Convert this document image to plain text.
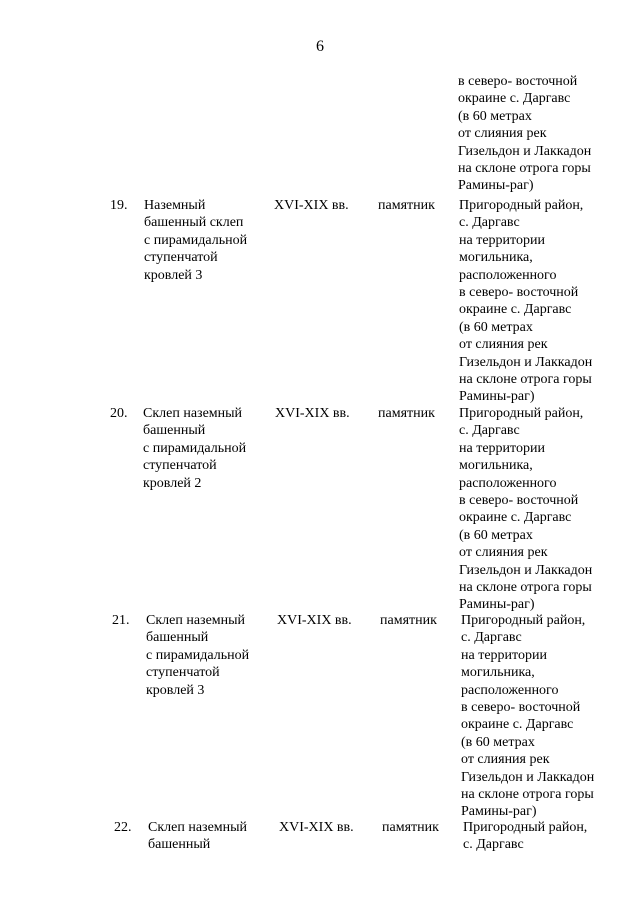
6
в северо- восточной
окраине с. Даргавс
(в 60 метрах
от слияния рек
Гизельдон и Лаккадон
на склоне отрога горы
Рамины-раг)
19.	Наземный
башенный склеп
с пирамидальной
ступенчатой
кровлей 3
XVI-XIX вв.	памятник	Пригородный район,
с. Даргавс
на территории
могильника,
расположенного
в северо- восточной
окраине с. Даргавс
(в 60 метрах
от слияния рек
Гизельдон и Лаккадон
на склоне отрога горы
Рамины-раг)
20.	Склеп наземный
башенный
с пирамидальной
ступенчатой
кровлей 2
XVI-XIX вв.	памятник	Пригородный район,
с. Даргавс
на территории
могильника,
расположенного
в северо- восточной
окраине с. Даргавс
(в 60 метрах
от слияния рек
Гизельдон и Лаккадон
на склоне отрога горы
Рамины-раг)
21.	Склеп наземный
башенный
с пирамидальной
ступенчатой
кровлей 3
XVI-XIX вв.	памятник	Пригородный район,
с. Даргавс
на территории
могильника,
расположенного
в северо- восточной
окраине с. Даргавс
(в 60 метрах
от слияния рек
Гизельдон и Лаккадон
на склоне отрога горы
Рамины-раг)
22.	Склеп наземный
башенный
XVI-XIX вв.	памятник	Пригородный район,
с. Даргавс
